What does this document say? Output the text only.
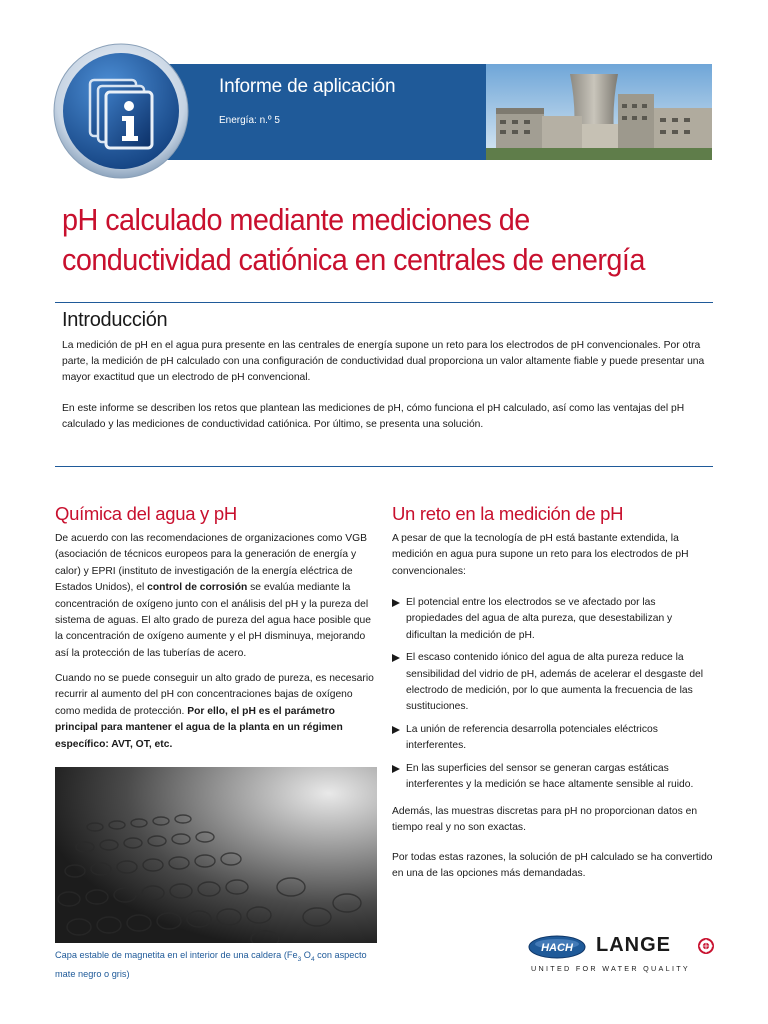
Informe de aplicación
Energía: n.º 5
pH calculado mediante mediciones de
conductividad catiónica en centrales de energía
Introducción
La medición de pH en el agua pura presente en las centrales de energía supone un reto para los electrodos de pH convencionales. Por otra parte, la medición de pH calculado con una configuración de conductividad dual proporciona un valor altamente fiable y puede presentar una mayor exactitud que un electrodo de pH convencional.
En este informe se describen los retos que plantean las mediciones de pH, cómo funciona el pH calculado, así como las ventajas del pH calculado y las mediciones de conductividad catiónica. Por último, se presenta una solución.
Química del agua y pH
De acuerdo con las recomendaciones de organizaciones como VGB (asociación de técnicos europeos para la generación de energía y calor) y EPRI (instituto de investigación de la energía eléctrica de Estados Unidos), el control de corrosión se evalúa mediante la concentración de oxígeno junto con el análisis del pH y la pureza del sistema de aguas. El alto grado de pureza del agua hace posible que la concentración de oxígeno aumente y el pH disminuya, mejorando así la protección de las tuberías de acero.
Cuando no se puede conseguir un alto grado de pureza, es necesario recurrir al aumento del pH con concentraciones bajas de oxígeno como medida de protección. Por ello, el pH es el parámetro principal para mantener el agua de la planta en un régimen específico: AVT, OT, etc.
Capa estable de magnetita en el interior de una caldera ($Fe_3$ $O_4$ con aspecto mate negro o gris)
Un reto en la medición de pH
A pesar de que la tecnología de pH está bastante extendida, la medición en agua pura supone un reto para los electrodos de pH convencionales:
El potencial entre los electrodos se ve afectado por las propiedades del agua de alta pureza, que desestabilizan y dificultan la medición de pH.
El escaso contenido iónico del agua de alta pureza reduce la sensibilidad del vidrio de pH, además de acelerar el desgaste del electrodo de medición, por lo que aumenta la frecuencia de las sustituciones.
La unión de referencia desarrolla potenciales eléctricos interferentes.
En las superficies del sensor se generan cargas estáticas interferentes y la medición se hace altamente sensible al ruido.
Además, las muestras discretas para pH no proporcionan datos en tiempo real y no son exactas.
Por todas estas razones, la solución de pH calculado se ha convertido en una de las opciones más demandadas.
HACH LANGE
UNITED FOR WATER QUALITY
